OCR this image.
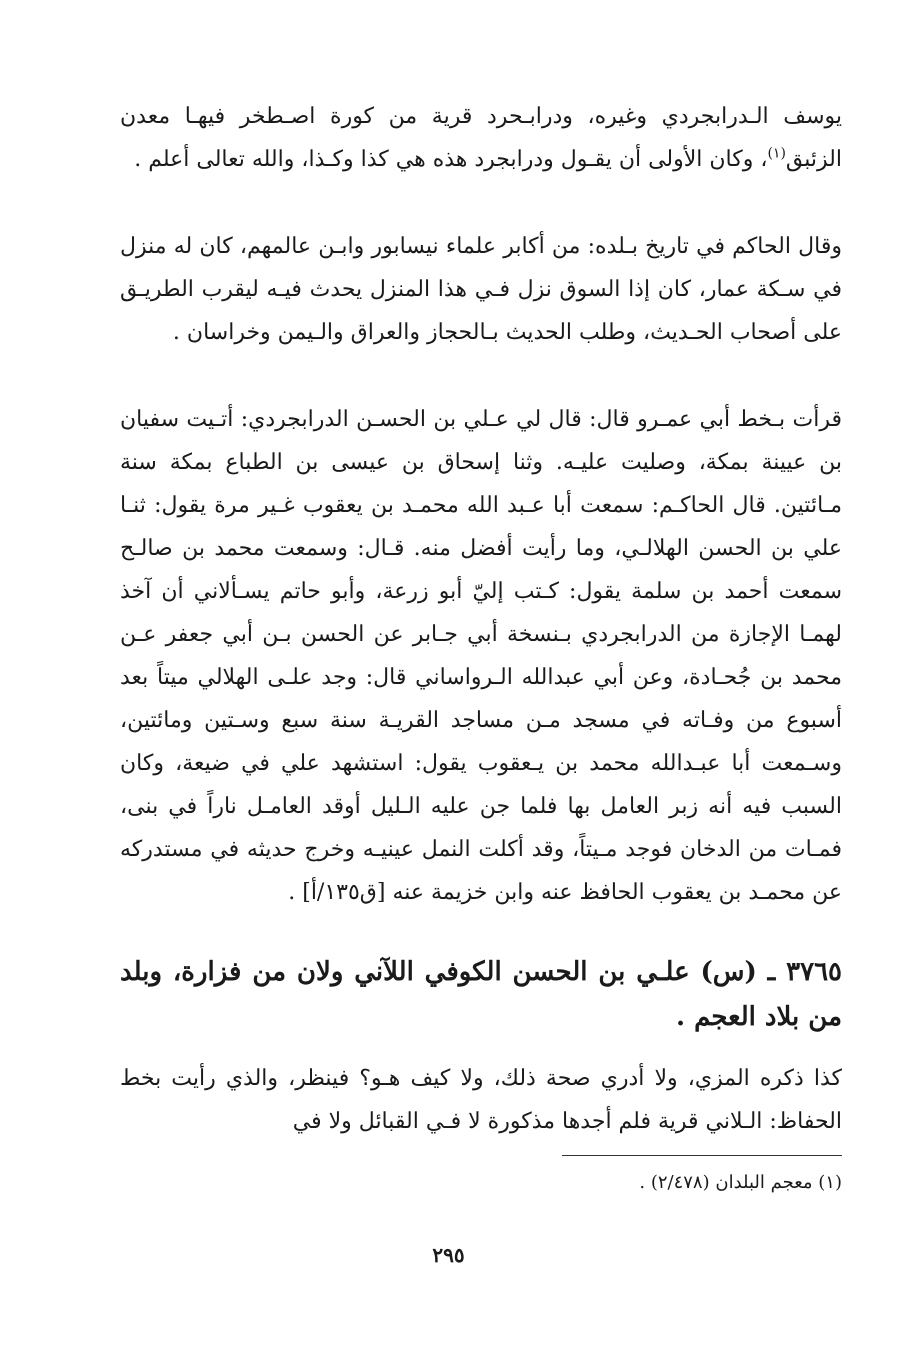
يوسف الـدرابجردي وغيره، ودرابـحرد قرية من كورة اصـطخر فيهـا معدن الزئبق$^{(١)}$، وكان الأولى أن يقـول ودرابجرد هذه هي كذا وكـذا، والله تعالى أعلم .

وقال الحاكم في تاريخ بـلده: من أكابر علماء نيسابور وابـن عالمهم، كان له منزل في سـكة عمار، كان إذا السوق نزل فـي هذا المنزل يحدث فيـه ليقرب الطريـق على أصحاب الحـديث، وطلب الحديث بـالحجاز والعراق والـيمن وخراسان .

قرأت بـخط أبي عمـرو قال: قال لي عـلي بن الحسـن الدرابجردي: أتـيت سفيان بن عيينة بمكة، وصليت عليـه. وثنا إسحاق بن عيسى بن الطباع بمكة سنة مـائتين. قال الحاكـم: سمعت أبا عـبد الله محمـد بن يعقوب غـير مرة يقول: ثنـا علي بن الحسن الهلالـي، وما رأيت أفضل منه. قـال: وسمعت محمد بن صالـح سمعت أحمد بن سلمة يقول: كـتب إليّ أبو زرعة، وأبو حاتم يسـألاني أن آخذ لهمـا الإجازة من الدرابجردي بـنسخة أبي جـابر عن الحسن بـن أبي جعفر عـن محمد بن جُحـادة، وعن أبي عبدالله الـرواساني قال: وجد علـى الهلالي ميتاً بعد أسبوع من وفـاته في مسجد مـن مساجد القريـة سنة سبع وسـتين ومائتين، وسـمعت أبا عبـدالله محمد بن يـعقوب يقول: استشهد علي في ضيعة، وكان السبب فيه أنه زبر العامل بها فلما جن عليه الـليل أوقد العامـل ناراً في بنى، فمـات من الدخان فوجد مـيتاً، وقد أكلت النمل عينيـه وخرج حديثه في مستدركه عن محمـد بن يعقوب الحافظ عنه وابن خزيمة عنه [ق١٣٥/أ] .

٣٧٦٥ ـ (س) علـي بن الحسن الكوفي اللآني ولان من فزارة، وبلد من بلاد العجم .

كذا ذكره المزي، ولا أدري صحة ذلك، ولا كيف هـو؟ فينظر، والذي رأيت بخط الحفاظ: الـلاني قرية فلم أجدها مذكورة لا فـي القبائل ولا في

(١) معجم البلدان (٢/٤٧٨) .

٢٩٥
